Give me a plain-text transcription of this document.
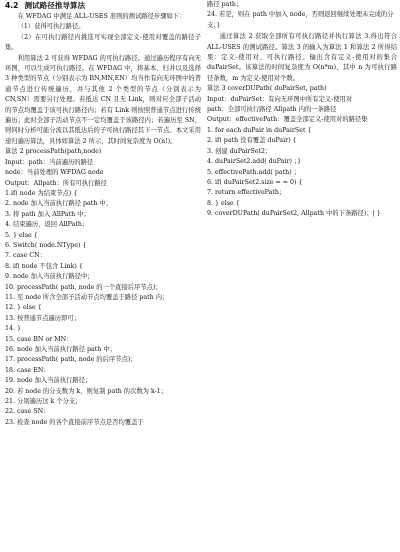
4.2 测试路径推导算法

在 WFDAG 中满足 ALL-USES 准则的测试路径步骤如下：

（1）获得可执行路径。

（2）在可执行路径内挑选可实现全部定义-使用对覆盖的路径子集。

利用算法 2 可获得 WFDAG 的可执行路径。通过遍历程序有向无环图，可以生成可执行路径。在 WFDAG 中，将基本、归并以及选择 3 种类型的节点（分别表示为 BN,MN,EN）均当作有向无环图中的普通节点进行传统遍历，并与其他 2 个类型的节点（分别表示为 CN,SN）需要另行处理。若抵达 CN 且无 Link，则对应全部子活动的节点均覆盖于该可执行路径内；若有 Link 则按照普通节点进行传统遍历；此时全部子活动节点不一定均覆盖于该路径内；若遍历至 SN，则同时分析可能分流以其抵达后的子可执行路径其下一节点。本文采用递归遍历算法，具体如算法 2 所示，其时间复杂度为 O(n!)。

算法 2 processPath(path,node)
Input：path：当前遍历的路径
node：当前处理的 WFDAG node
Output：Allpath：所有可执行路径
1.if( node 为结束节点) {
2. node 加入当前执行路径 path 中；
3. 将 path 加入 AllPath 中；
4. 结束遍历，返回 AllPath；
5. } else {
6. Switch( node.NType) {
7. case CN：
8. if( node 不包含 Link) {
9. node 加入当前执行路径中；
10. processPath( path, node 的一个直接后序节点)；
11. 至 node 所含全部子活动节点均覆盖于路径 path 内；
12. } else {
13. 按普通节点遍历即可；
14. }
15. case BN or MN：
16. node 加入当前执行路径 path 中；
17. processPath( path, node 的后序节点)；
18. case EN：
19. node 加入当前执行路径；
20. 若 node 的分支数为 k，则复制 path 的次数为 k-1；
21. 分别遍历这 k 个分支；
22. case SN：
23. 检查 node 的各个直接前序节点是否均覆盖于
路径 path；
24. 若是，则在 path 中加入 node，否则返回继续处理未完成的分支；}

通过算法 2 获取全部所有可执行路径并执行算法 3.得出符合 ALL-USES 的测试路径。算法 3 的输入为算法 1 和算法 2 所得结果：定义-使用对、可执行路径。输出含有定义-使用对的集合 duPairSet。该算法的时间复杂度为 O(n*m)，其中 n 为可执行路径条数，m 为定义-使用对个数。

算法 3 coverDUPath( duPairSet, path)
Input：duPairSet：有向无环图中所有定义-使用对
path：全部可执行路径 Allpath 内的一条路径
Output：effectivePath：覆盖全部定义-使用对的路径集
1. for each duPair in duPairSet {
2. if( path 没有覆盖 duPair) {
3. 创建 duPairSet2；
4. duPairSet2.add( duPair) ；}
5. effectivePath.add( path) ；
6. if( duPairSet2.size = = 0) {
7. return effectivePath；
8. } else {
9. coverDUPath( duPairSet2, Allpath 中的下条路径)；| }
